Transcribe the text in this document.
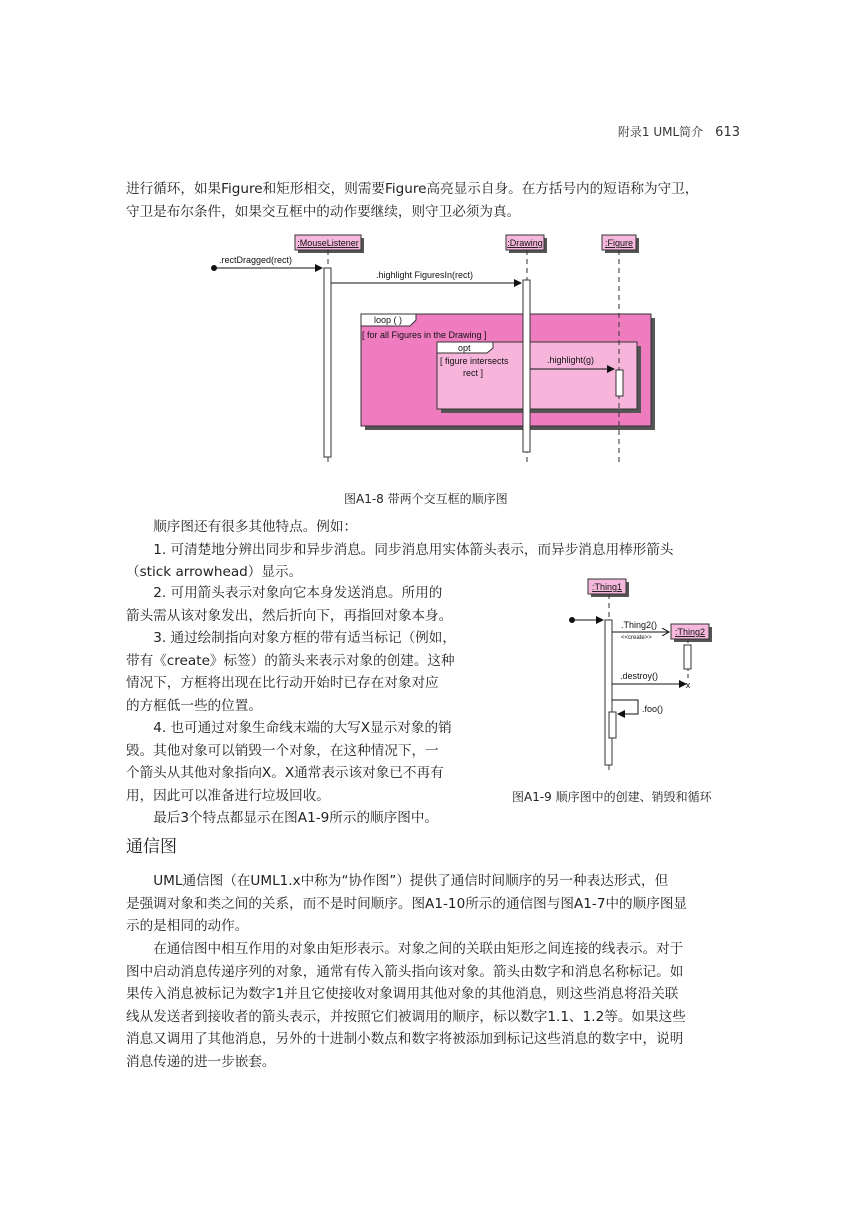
附录1 UML简介 613

进行循环，如果Figure和矩形相交，则需要Figure高亮显示自身。在方括号内的短语称为守卫，

守卫是布尔条件，如果交互框中的动作要继续，则守卫必须为真。

loop ( )
[ for all Figures in the Drawing ]
opt
[ figure intersects
rect ]
:MouseListener	:Drawing	:Figure
.rectDragged(rect)
.highlight FiguresIn(rect)
.highlight(g)
图A1-8 带两个交互框的顺序图

顺序图还有很多其他特点。例如：

1. 可清楚地分辨出同步和异步消息。同步消息用实体箭头表示，而异步消息用棒形箭头

（stick arrowhead）显示。

2. 可用箭头表示对象向它本身发送消息。所用的

箭头需从该对象发出，然后折向下，再指回对象本身。

3. 通过绘制指向对象方框的带有适当标记（例如，

带有《create》标签）的箭头来表示对象的创建。这种

情况下，方框将出现在比行动开始时已存在对象对应

的方框低一些的位置。

4. 也可通过对象生命线末端的大写X显示对象的销

毁。其他对象可以销毁一个对象，在这种情况下，一

个箭头从其他对象指向X。X通常表示该对象已不再有

用，因此可以准备进行垃圾回收。

最后3个特点都显示在图A1-9所示的顺序图中。

:Thing1
:Thing2
.Thing2()
<<create>>
.destroy()
x
.foo()
图A1-9 顺序图中的创建、销毁和循环
通信图

UML通信图（在UML1.x中称为“协作图”）提供了通信时间顺序的另一种表达形式，但

是强调对象和类之间的关系，而不是时间顺序。图A1-10所示的通信图与图A1-7中的顺序图显

示的是相同的动作。

在通信图中相互作用的对象由矩形表示。对象之间的关联由矩形之间连接的线表示。对于

图中启动消息传递序列的对象，通常有传入箭头指向该对象。箭头由数字和消息名称标记。如

果传入消息被标记为数字1并且它使接收对象调用其他对象的其他消息，则这些消息将沿关联

线从发送者到接收者的箭头表示，并按照它们被调用的顺序，标以数字1.1、1.2等。如果这些

消息又调用了其他消息，另外的十进制小数点和数字将被添加到标记这些消息的数字中，说明

消息传递的进一步嵌套。
